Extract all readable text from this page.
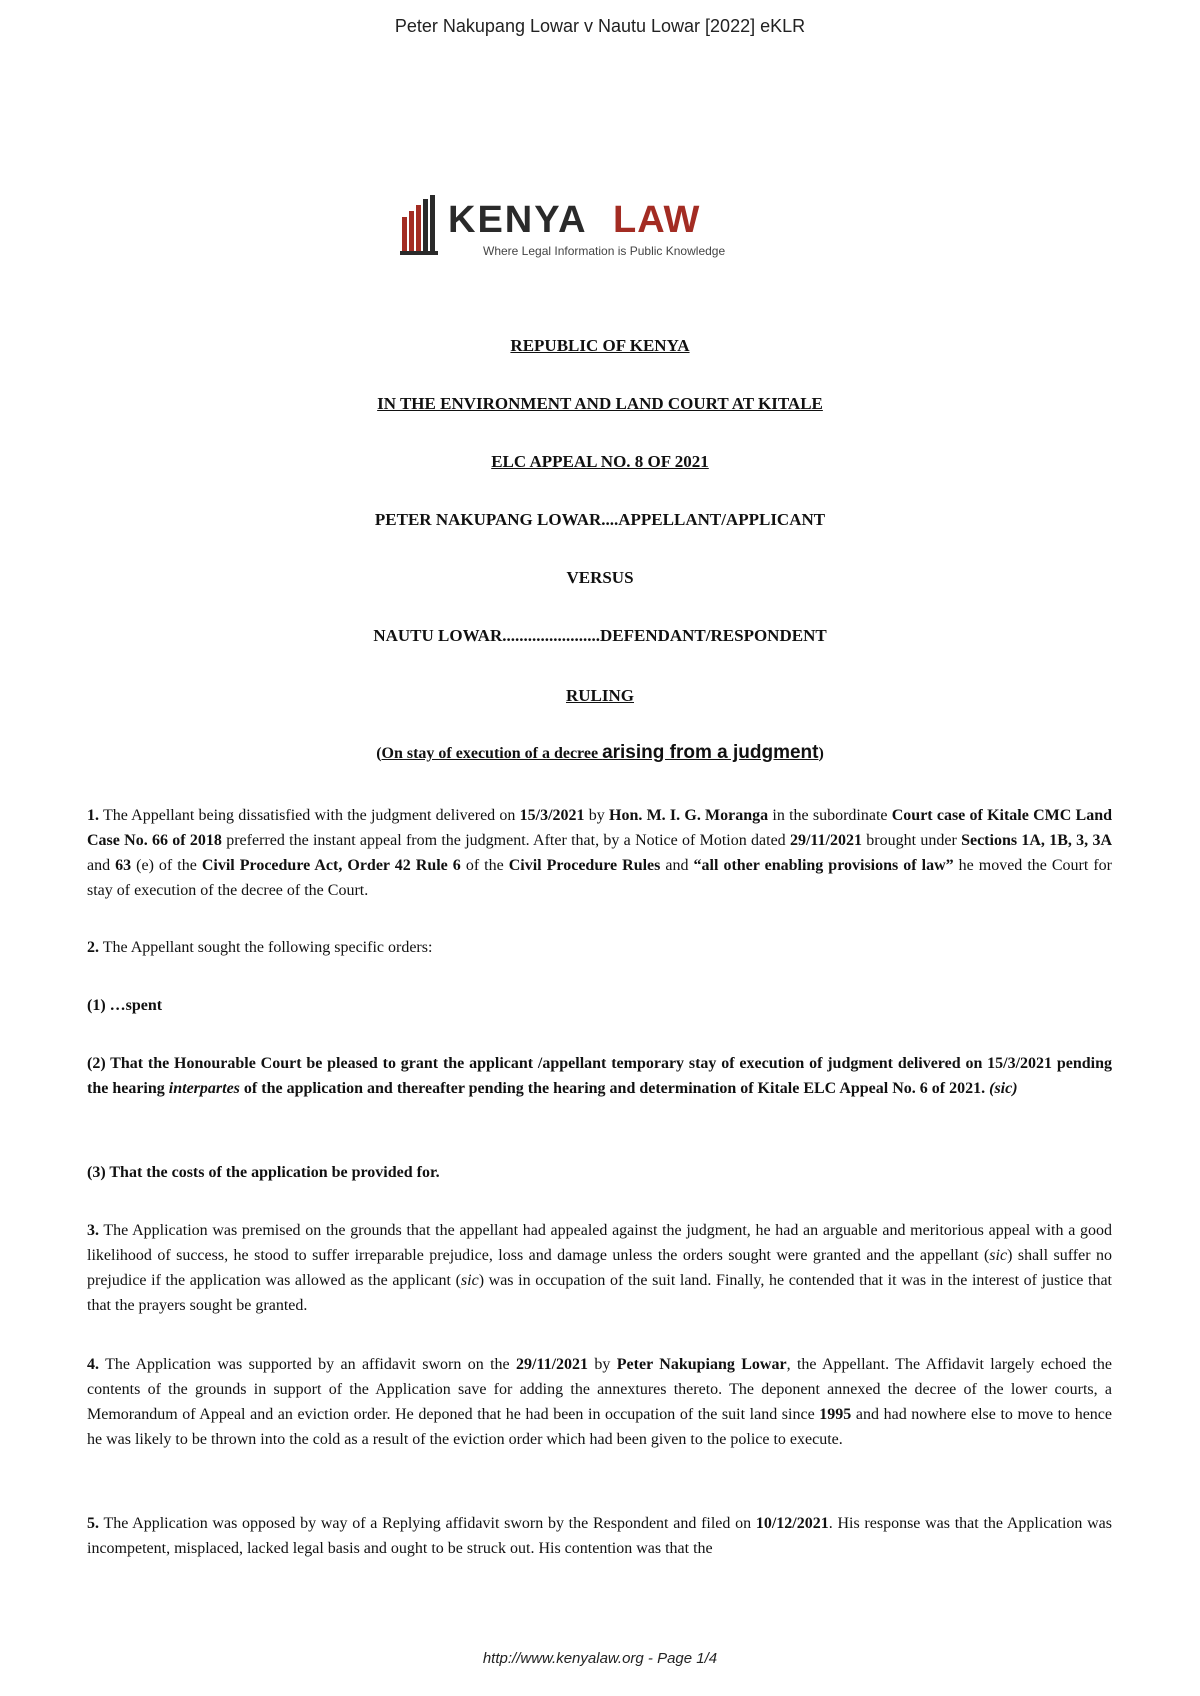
Peter Nakupang Lowar v Nautu Lowar [2022] eKLR
KENYA LAW
Where Legal Information is Public Knowledge
REPUBLIC OF KENYA
IN THE ENVIRONMENT AND LAND COURT AT KITALE
ELC APPEAL NO. 8 OF 2021
PETER NAKUPANG LOWAR....APPELLANT/APPLICANT
VERSUS
NAUTU LOWAR.......................DEFENDANT/RESPONDENT
RULING
(On stay of execution of a decree arising from a judgment)
1. The Appellant being dissatisfied with the judgment delivered on 15/3/2021 by Hon. M. I. G. Moranga in the subordinate Court case of Kitale CMC Land Case No. 66 of 2018 preferred the instant appeal from the judgment. After that, by a Notice of Motion dated 29/11/2021 brought under Sections 1A, 1B, 3, 3A and 63 (e) of the Civil Procedure Act, Order 42 Rule 6 of the Civil Procedure Rules and “all other enabling provisions of law” he moved the Court for stay of execution of the decree of the Court.
2. The Appellant sought the following specific orders:
(1) …spent
(2) That the Honourable Court be pleased to grant the applicant /appellant temporary stay of execution of judgment delivered on 15/3/2021 pending the hearing interpartes of the application and thereafter pending the hearing and determination of Kitale ELC Appeal No. 6 of 2021. (sic)
(3) That the costs of the application be provided for.
3. The Application was premised on the grounds that the appellant had appealed against the judgment, he had an arguable and meritorious appeal with a good likelihood of success, he stood to suffer irreparable prejudice, loss and damage unless the orders sought were granted and the appellant (sic) shall suffer no prejudice if the application was allowed as the applicant (sic) was in occupation of the suit land. Finally, he contended that it was in the interest of justice that that the prayers sought be granted.
4. The Application was supported by an affidavit sworn on the 29/11/2021 by Peter Nakupiang Lowar, the Appellant. The Affidavit largely echoed the contents of the grounds in support of the Application save for adding the annextures thereto. The deponent annexed the decree of the lower courts, a Memorandum of Appeal and an eviction order. He deponed that he had been in occupation of the suit land since 1995 and had nowhere else to move to hence he was likely to be thrown into the cold as a result of the eviction order which had been given to the police to execute.
5. The Application was opposed by way of a Replying affidavit sworn by the Respondent and filed on 10/12/2021. His response was that the Application was incompetent, misplaced, lacked legal basis and ought to be struck out. His contention was that the
http://www.kenyalaw.org - Page 1/4
